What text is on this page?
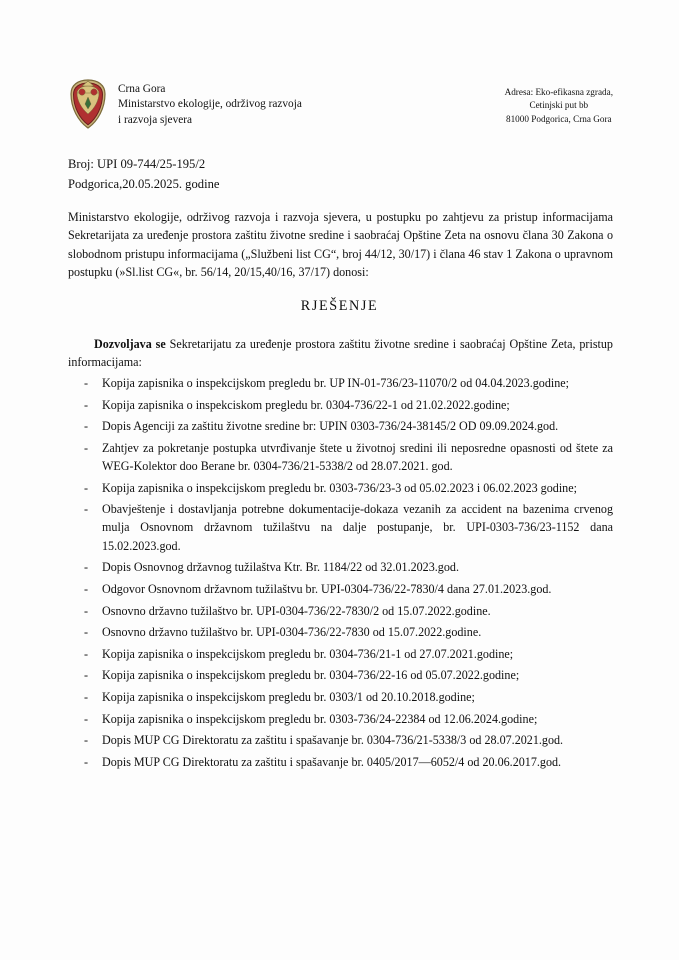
Crna Gora
Ministarstvo ekologije, održivog razvoja
i razvoja sjevera
Adresa: Eko-efikasna zgrada,
Cetinjski put bb
81000 Podgorica, Crna Gora
Broj: UPI 09-744/25-195/2
Podgorica,20.05.2025. godine
Ministarstvo ekologije, održivog razvoja i razvoja sjevera, u postupku po zahtjevu za pristup informacijama Sekretarijata za uređenje prostora zaštitu životne sredine i saobraćaj Opštine Zeta na osnovu člana 30 Zakona o slobodnom pristupu informacijama („Službeni list CG“, broj 44/12, 30/17) i člana 46 stav 1 Zakona o upravnom postupku (»Sl.list CG«, br. 56/14, 20/15,40/16, 37/17) donosi:
RJEŠENJE
Dozvoljava se Sekretarijatu za uređenje prostora zaštitu životne sredine i saobraćaj Opštine Zeta, pristup informacijama:
-	Kopija zapisnika o inspekcijskom pregledu br. UP IN-01-736/23-11070/2 od 04.04.2023.godine;
-	Kopija zapisnika o inspekciskom pregledu br. 0304-736/22-1 od 21.02.2022.godine;
-	Dopis Agenciji za zaštitu životne sredine br: UPIN 0303-736/24-38145/2 OD 09.09.2024.god.
-	Zahtjev za pokretanje postupka utvrđivanje štete u životnoj sredini ili neposredne opasnosti od štete za WEG-Kolektor doo Berane br. 0304-736/21-5338/2 od 28.07.2021. god.
-	Kopija zapisnika o inspekcijskom pregledu br. 0303-736/23-3 od 05.02.2023 i 06.02.2023 godine;
-	Obavještenje i dostavljanja potrebne dokumentacije-dokaza vezanih za accident na bazenima crvenog mulja Osnovnom državnom tužilaštvu na dalje postupanje, br. UPI-0303-736/23-1152 dana 15.02.2023.god.
-	Dopis Osnovnog državnog tužilaštva Ktr. Br. 1184/22 od 32.01.2023.god.
-	Odgovor Osnovnom državnom tužilaštvu br. UPI-0304-736/22-7830/4 dana 27.01.2023.god.
-	Osnovno državno tužilaštvo br. UPI-0304-736/22-7830/2 od 15.07.2022.godine.
-	Osnovno državno tužilaštvo br. UPI-0304-736/22-7830 od 15.07.2022.godine.
-	Kopija zapisnika o inspekcijskom pregledu br. 0304-736/21-1 od 27.07.2021.godine;
-	Kopija zapisnika o inspekcijskom pregledu br. 0304-736/22-16 od 05.07.2022.godine;
-	Kopija zapisnika o inspekcijskom pregledu br. 0303/1 od 20.10.2018.godine;
-	Kopija zapisnika o inspekcijskom pregledu br. 0303-736/24-22384 od 12.06.2024.godine;
-	Dopis MUP CG Direktoratu za zaštitu i spašavanje br. 0304-736/21-5338/3 od 28.07.2021.god.
-	Dopis MUP CG Direktoratu za zaštitu i spašavanje br. 0405/2017—6052/4 od 20.06.2017.god.
